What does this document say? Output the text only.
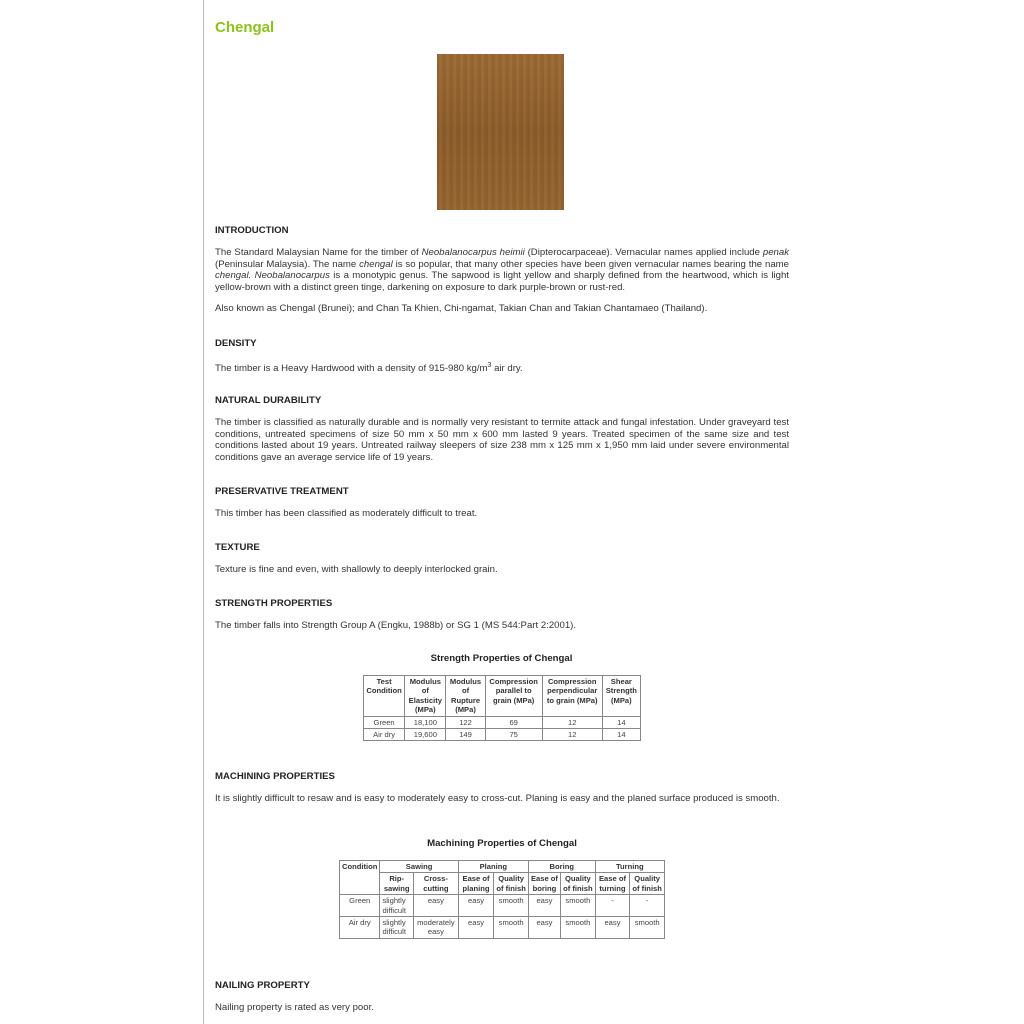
Chengal
INTRODUCTION
The Standard Malaysian Name for the timber of Neobalanocarpus heimii (Dipterocarpaceae). Vernacular names applied include penak (Peninsular Malaysia). The name chengal is so popular, that many other species have been given vernacular names bearing the name chengal. Neobalanocarpus is a monotypic genus. The sapwood is light yellow and sharply defined from the heartwood, which is light yellow-brown with a distinct green tinge, darkening on exposure to dark purple-brown or rust-red.
Also known as Chengal (Brunei); and Chan Ta Khien, Chi-ngamat, Takian Chan and Takian Chantamaeo (Thailand).
DENSITY
The timber is a Heavy Hardwood with a density of 915-980 $kg/m^3$ air dry.
NATURAL DURABILITY
The timber is classified as naturally durable and is normally very resistant to termite attack and fungal infestation. Under graveyard test conditions, untreated specimens of size 50 mm x 50 mm x 600 mm lasted 9 years. Treated specimen of the same size and test conditions lasted about 19 years. Untreated railway sleepers of size 238 mm x 125 mm x 1,950 mm laid under severe environmental conditions gave an average service life of 19 years.
PRESERVATIVE TREATMENT
This timber has been classified as moderately difficult to treat.
TEXTURE
Texture is fine and even, with shallowly to deeply interlocked grain.
STRENGTH PROPERTIES
The timber falls into Strength Group A (Engku, 1988b) or SG 1 (MS 544:Part 2:2001).
Strength Properties of Chengal
Test Condition	Modulus of Elasticity (MPa)	Modulus of Rupture (MPa)	Compression parallel to grain (MPa)	Compression perpendicular to grain (MPa)	Shear Strength (MPa)
Green	18,100	122	69	12	14
Air dry	19,600	149	75	12	14
MACHINING PROPERTIES
It is slightly difficult to resaw and is easy to moderately easy to cross-cut. Planing is easy and the planed surface produced is smooth.
Machining Properties of Chengal
Condition	Sawing		Planing		Boring		Turning	
	Rip-sawing	Cross-cutting	Ease of planing	Quality of finish	Ease of boring	Quality of finish	Ease of turning	Quality of finish
Green	slightly difficult	easy	easy	smooth	easy	smooth	-	-
Air dry	slightly difficult	moderately easy	easy	smooth	easy	smooth	easy	smooth
NAILING PROPERTY
Nailing property is rated as very poor.
